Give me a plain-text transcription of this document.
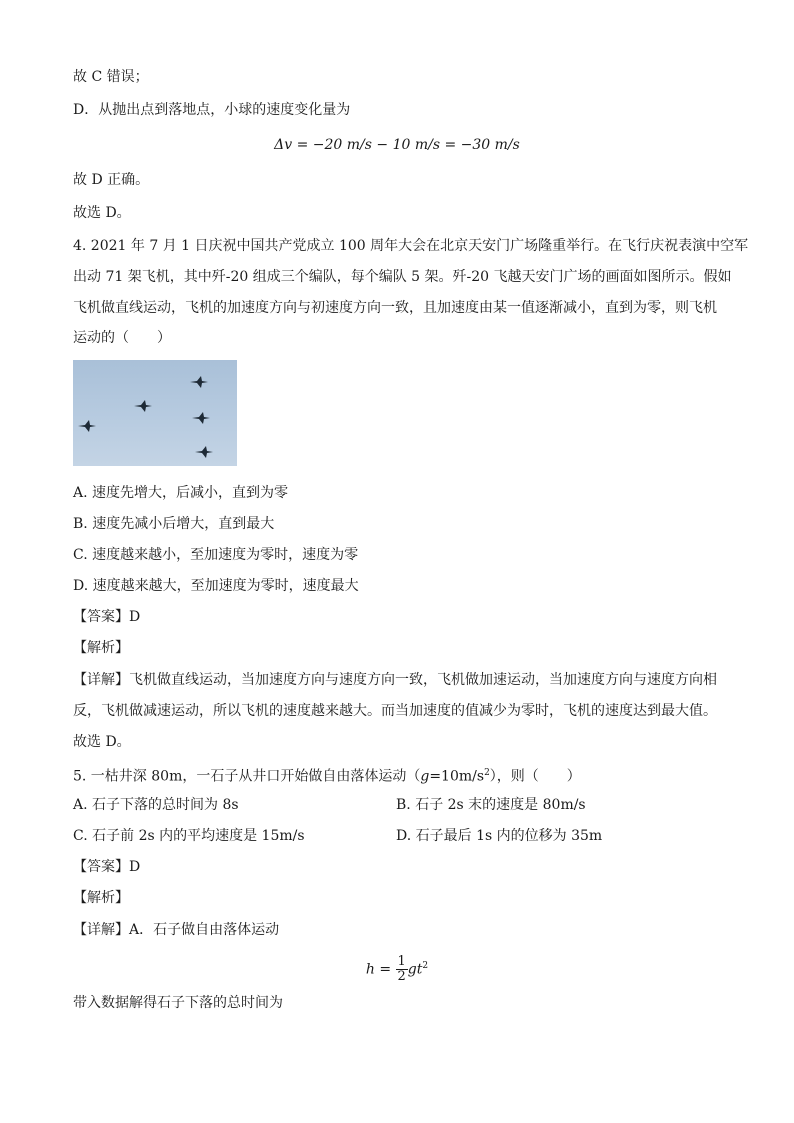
故 C 错误；
D．从抛出点到落地点，小球的速度变化量为
Δv = −20 m/s − 10 m/s = −30 m/s
故 D 正确。
故选 D。
4. 2021 年 7 月 1 日庆祝中国共产党成立 100 周年大会在北京天安门广场隆重举行。在飞行庆祝表演中空军
出动 71 架飞机，其中歼-20 组成三个编队，每个编队 5 架。歼-20 飞越天安门广场的画面如图所示。假如
飞机做直线运动，飞机的加速度方向与初速度方向一致，且加速度由某一值逐渐减小，直到为零，则飞机
运动的（　　）
A. 速度先增大，后减小，直到为零
B. 速度先减小后增大，直到最大
C. 速度越来越小，至加速度为零时，速度为零
D. 速度越来越大，至加速度为零时，速度最大
【答案】D
【解析】
【详解】飞机做直线运动，当加速度方向与速度方向一致，飞机做加速运动，当加速度方向与速度方向相
反，飞机做减速运动，所以飞机的速度越来越大。而当加速度的值减少为零时，飞机的速度达到最大值。
故选 D。
5. 一枯井深 80m，一石子从井口开始做自由落体运动$(g=10m/s^2)$，则（　　）
A. 石子下落的总时间为 8s	B. 石子 2s 末的速度是 80m/s
C. 石子前 2s 内的平均速度是 15m/s	D. 石子最后 1s 内的位移为 35m
【答案】D
【解析】
【详解】A．石子做自由落体运动
$h = \frac{1}{2} gt^2$
带入数据解得石子下落的总时间为
